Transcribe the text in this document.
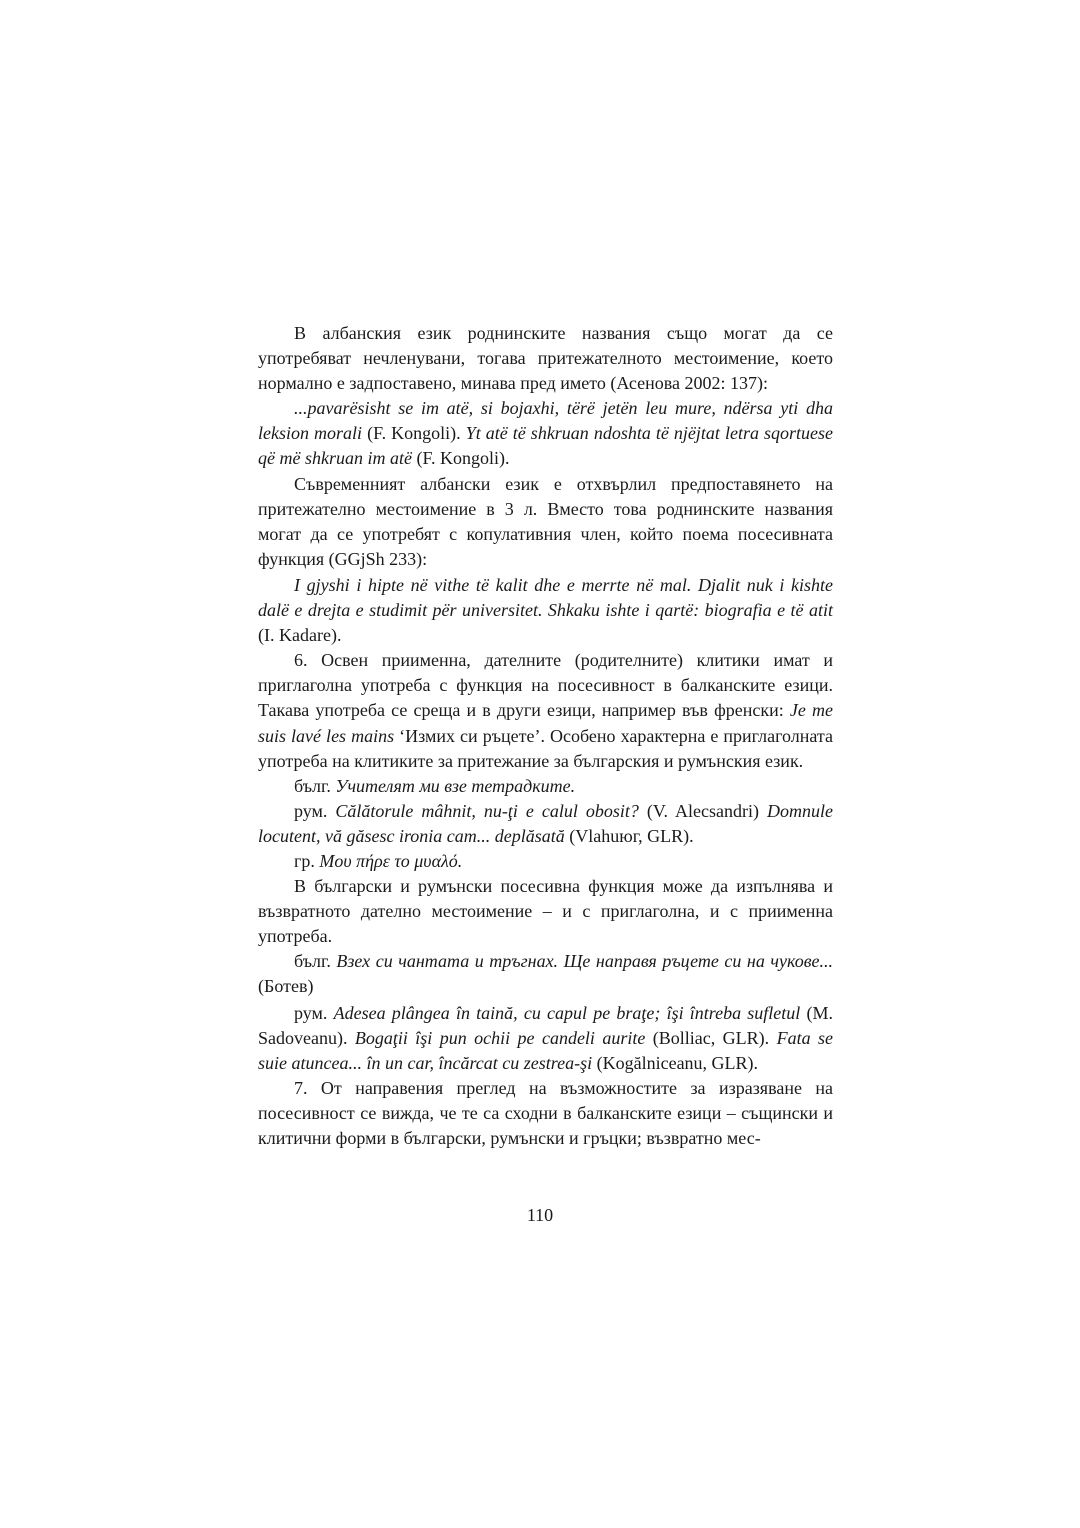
В албанския език роднинските названия също могат да се употребяват нечленувани, тогава притежателното местоимение, което нормално е задпоставено, минава пред името (Асенова 2002: 137):

...pavarësisht se im atë, si bojaxhi, tërë jetën leu mure, ndërsa yti dha leksion morali (F. Kongoli). Yt atë të shkruan ndoshta të njëjtat letra sqortuese që më shkruan im atë (F. Kongoli).

Съвременният албански език е отхвърлил предпоставянето на притежателно местоимение в 3 л. Вместо това роднинските названия могат да се употребят с копулативния член, който поема посесивната функция (GGjSh 233):

I gjyshi i hipte në vithe të kalit dhe e merrte në mal. Djalit nuk i kishte dalë e drejta e studimit për universitet. Shkaku ishte i qartë: biografia e të atit (I. Kadare).

6. Освен приименна, дателните (родителните) клитики имат и приглаголна употреба с функция на посесивност в балканските езици. Такава употреба се среща и в други езици, например във френски: Je me suis lavé les mains ‘Измих си ръцете’. Особено характерна е приглаголната употреба на клитиките за притежание за българския и румънския език.

бълг. Учителят ми взе тетрадките.

рум. Călătorule mâhnit, nu-ţi e calul obosit? (V. Alecsandri) Domnule locutent, vă găsesc ironia cam... deplăsată (Vlahuюг, GLR).

гр. Μου πήρε το μυαλό.

В български и румънски посесивна функция може да изпълнява и възвратното дателно местоимение – и с приглаголна, и с приименна употреба.

бълг. Взех си чантата и тръгнах. Ще направя ръцете си на чукове... (Ботев)

рум. Adesea plângea în taină, cu capul pe braţe; îşi întreba sufletul (M. Sadoveanu). Bogaţii îşi pun ochii pe candeli aurite (Bolliac, GLR). Fata se suie atuncea... în un car, încărcat cu zestrea-şi (Kogălniceanu, GLR).

7. От направения преглед на възможностите за изразяване на посесивност се вижда, че те са сходни в балканските езици – същински и клитични форми в български, румънски и гръцки; възвратно мес-

110
